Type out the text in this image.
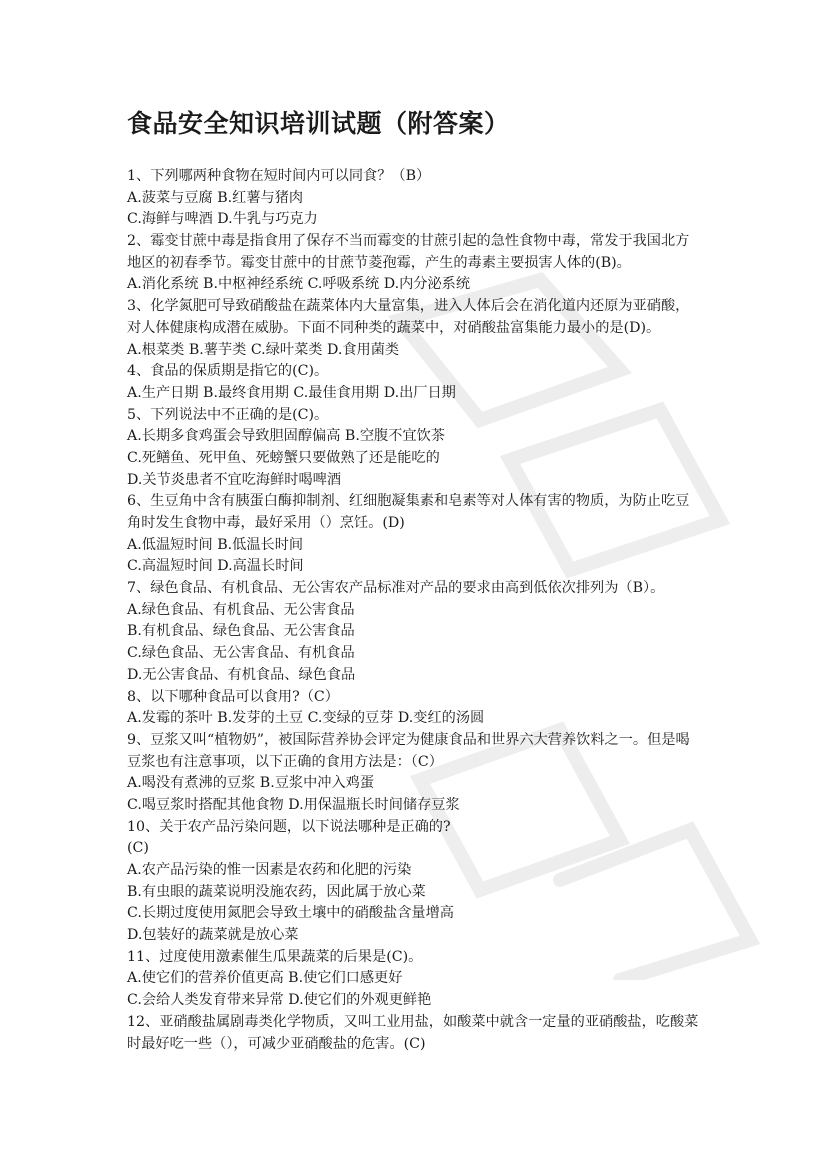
食品安全知识培训试题（附答案）
1、下列哪两种食物在短时间内可以同食？（B）
A.菠菜与豆腐 B.红薯与猪肉
C.海鲜与啤酒 D.牛乳与巧克力
2、霉变甘蔗中毒是指食用了保存不当而霉变的甘蔗引起的急性食物中毒，常发于我国北方
地区的初春季节。霉变甘蔗中的甘蔗节菱孢霉，产生的毒素主要损害人体的(B)。
A.消化系统 B.中枢神经系统 C.呼吸系统 D.内分泌系统
3、化学氮肥可导致硝酸盐在蔬菜体内大量富集，进入人体后会在消化道内还原为亚硝酸，
对人体健康构成潜在威胁。下面不同种类的蔬菜中，对硝酸盐富集能力最小的是(D)。
A.根菜类 B.薯芋类 C.绿叶菜类 D.食用菌类
4、食品的保质期是指它的(C)。
A.生产日期 B.最终食用期 C.最佳食用期 D.出厂日期
5、下列说法中不正确的是(C)。
A.长期多食鸡蛋会导致胆固醇偏高 B.空腹不宜饮茶
C.死鳝鱼、死甲鱼、死螃蟹只要做熟了还是能吃的
D.关节炎患者不宜吃海鲜时喝啤酒
6、生豆角中含有胰蛋白酶抑制剂、红细胞凝集素和皂素等对人体有害的物质，为防止吃豆
角时发生食物中毒，最好采用（）烹饪。(D)
A.低温短时间 B.低温长时间
C.高温短时间 D.高温长时间
7、绿色食品、有机食品、无公害农产品标准对产品的要求由高到低依次排列为（B）。
A.绿色食品、有机食品、无公害食品
B.有机食品、绿色食品、无公害食品
C.绿色食品、无公害食品、有机食品
D.无公害食品、有机食品、绿色食品
8、以下哪种食品可以食用?（C）
A.发霉的茶叶 B.发芽的土豆 C.变绿的豆芽 D.变红的汤圆
9、豆浆又叫“植物奶”，被国际营养协会评定为健康食品和世界六大营养饮料之一。但是喝
豆浆也有注意事项，以下正确的食用方法是：（C）
A.喝没有煮沸的豆浆 B.豆浆中冲入鸡蛋
C.喝豆浆时搭配其他食物 D.用保温瓶长时间储存豆浆
10、关于农产品污染问题，以下说法哪种是正确的?
(C)
A.农产品污染的惟一因素是农药和化肥的污染
B.有虫眼的蔬菜说明没施农药，因此属于放心菜
C.长期过度使用氮肥会导致土壤中的硝酸盐含量增高
D.包装好的蔬菜就是放心菜
11、过度使用激素催生瓜果蔬菜的后果是(C)。
A.使它们的营养价值更高 B.使它们口感更好
C.会给人类发育带来异常 D.使它们的外观更鲜艳
12、亚硝酸盐属剧毒类化学物质，又叫工业用盐，如酸菜中就含一定量的亚硝酸盐，吃酸菜
时最好吃一些（），可减少亚硝酸盐的危害。(C)
